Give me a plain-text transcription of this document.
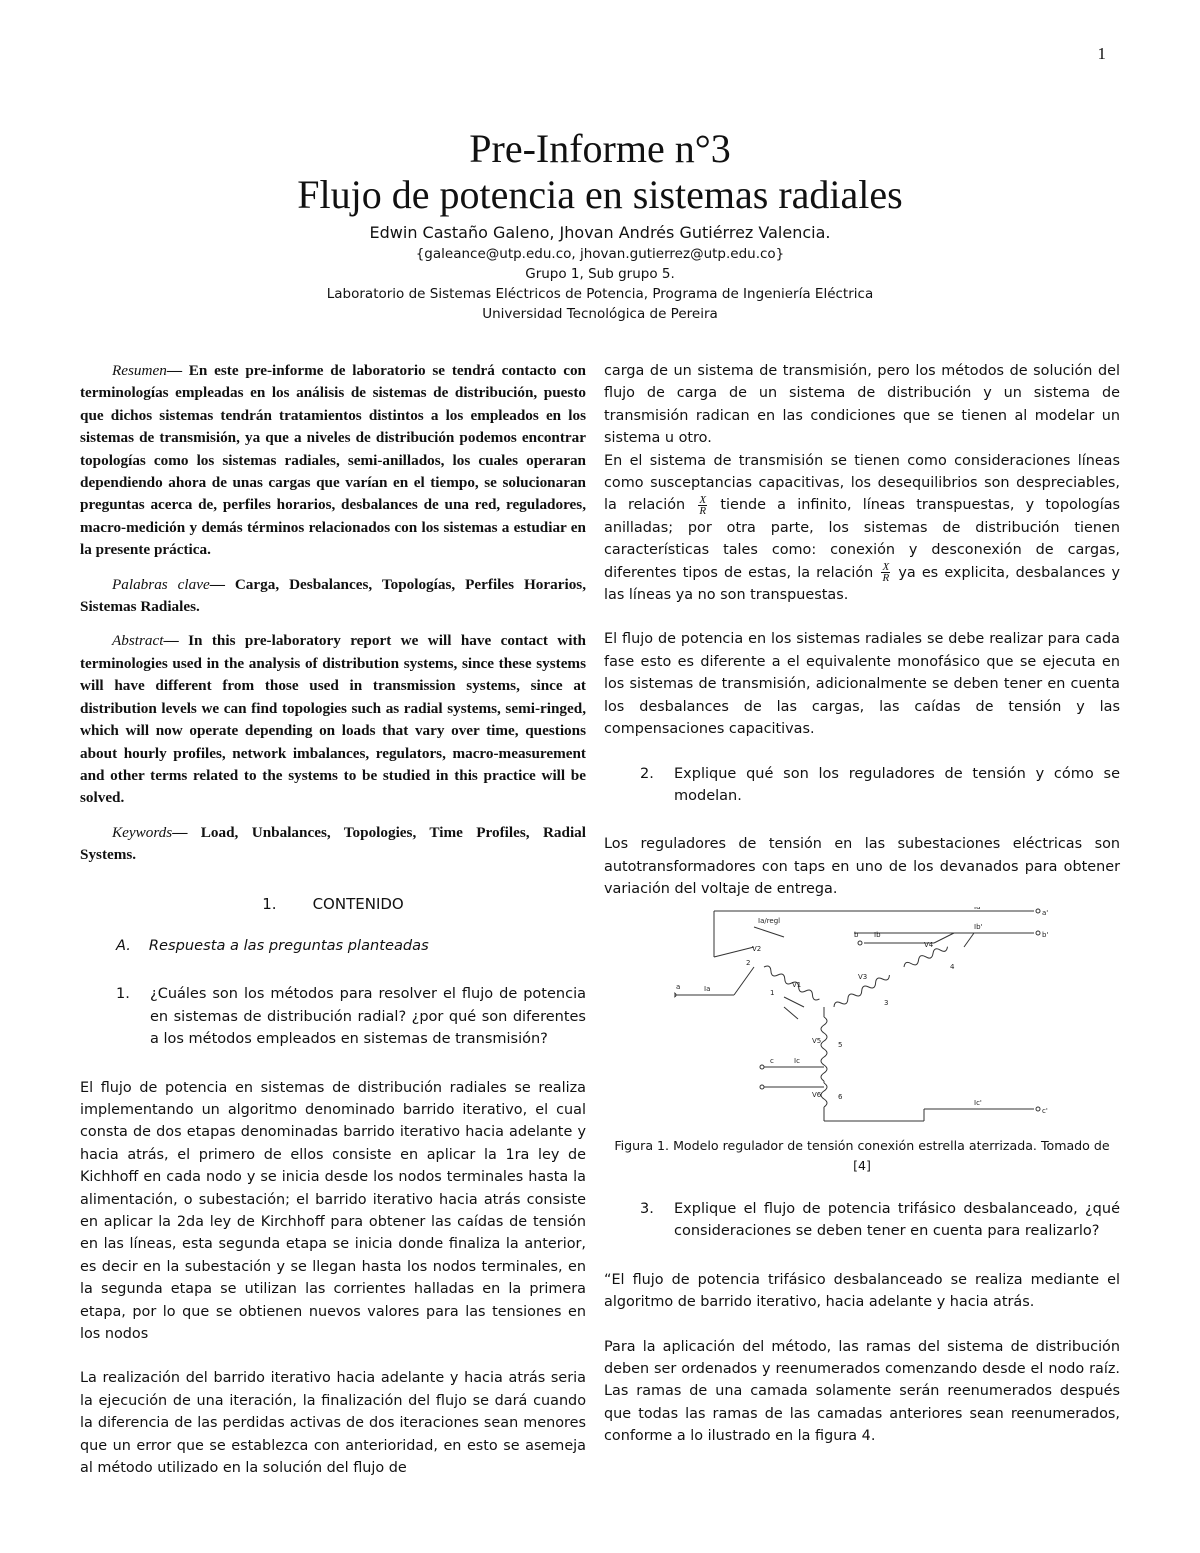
1
Pre-Informe n°3
Flujo de potencia en sistemas radiales
Edwin Castaño Galeno, Jhovan Andrés Gutiérrez Valencia.
{galeance@utp.edu.co, jhovan.gutierrez@utp.edu.co}
Grupo 1, Sub grupo 5.
Laboratorio de Sistemas Eléctricos de Potencia, Programa de Ingeniería Eléctrica
Universidad Tecnológica de Pereira

Resumen— En este pre-informe de laboratorio se tendrá contacto con terminologías empleadas en los análisis de sistemas de distribución, puesto que dichos sistemas tendrán tratamientos distintos a los empleados en los sistemas de transmisión, ya que a niveles de distribución podemos encontrar topologías como los sistemas radiales, semi-anillados, los cuales operaran dependiendo ahora de unas cargas que varían en el tiempo, se solucionaran preguntas acerca de, perfiles horarios, desbalances de una red, reguladores, macro-medición y demás términos relacionados con los sistemas a estudiar en la presente práctica.

Palabras clave— Carga, Desbalances, Topologías, Perfiles Horarios, Sistemas Radiales.

Abstract— In this pre-laboratory report we will have contact with terminologies used in the analysis of distribution systems, since these systems will have different from those used in transmission systems, since at distribution levels we can find topologies such as radial systems, semi-ringed, which will now operate depending on loads that vary over time, questions about hourly profiles, network imbalances, regulators, macro-measurement and other terms related to the systems to be studied in this practice will be solved.

Keywords— Load, Unbalances, Topologies, Time Profiles, Radial Systems.

1. CONTENIDO
A. Respuesta a las preguntas planteadas
1.	¿Cuáles son los métodos para resolver el flujo de potencia en sistemas de distribución radial? ¿por qué son diferentes a los métodos empleados en sistemas de transmisión?

El flujo de potencia en sistemas de distribución radiales se realiza implementando un algoritmo denominado barrido iterativo, el cual consta de dos etapas denominadas barrido iterativo hacia adelante y hacia atrás, el primero de ellos consiste en aplicar la 1ra ley de Kichhoff en cada nodo y se inicia desde los nodos terminales hasta la alimentación, o subestación; el barrido iterativo hacia atrás consiste en aplicar la 2da ley de Kirchhoff para obtener las caídas de tensión en las líneas, esta segunda etapa se inicia donde finaliza la anterior, es decir en la subestación y se llegan hasta los nodos terminales, en la segunda etapa se utilizan las corrientes halladas en la primera etapa, por lo que se obtienen nuevos valores para las tensiones en los nodos

La realización del barrido iterativo hacia adelante y hacia atrás seria la ejecución de una iteración, la finalización del flujo se dará cuando la diferencia de las perdidas activas de dos iteraciones sean menores que un error que se establezca con anterioridad, en esto se asemeja al método utilizado en la solución del flujo de

carga de un sistema de transmisión, pero los métodos de solución del flujo de carga de un sistema de distribución y un sistema de transmisión radican en las condiciones que se tienen al modelar un sistema u otro.

En el sistema de transmisión se tienen como consideraciones líneas como susceptancias capacitivas, los desequilibrios son despreciables, la relación $\frac{X}{R}$ tiende a infinito, líneas transpuestas, y topologías anilladas; por otra parte, los sistemas de distribución tienen características tales como: conexión y desconexión de cargas, diferentes tipos de estas, la relación $\frac{X}{R}$ ya es explicita, desbalances y las líneas ya no son transpuestas.

El flujo de potencia en los sistemas radiales se debe realizar para cada fase esto es diferente a el equivalente monofásico que se ejecuta en los sistemas de transmisión, adicionalmente se deben tener en cuenta los desbalances de las cargas, las caídas de tensión y las compensaciones capacitivas.

2.	Explique qué son los reguladores de tensión y cómo se modelan.

Los reguladores de tensión en las subestaciones eléctricas son autotransformadores con taps en uno de los devanados para obtener variación del voltaje de entrega.

Ia/regl
a	Ia
b Ib
c	Ic
a'
b'
c'
Ia'
Ib'
Ic'
V1
V2
V3
V4
V5
V6
1
2
3
4
5
6
Figura 1. Modelo regulador de tensión conexión estrella aterrizada. Tomado de [4]
3.	Explique el flujo de potencia trifásico desbalanceado, ¿qué consideraciones se deben tener en cuenta para realizarlo?

“El flujo de potencia trifásico desbalanceado se realiza mediante el algoritmo de barrido iterativo, hacia adelante y hacia atrás.

Para la aplicación del método, las ramas del sistema de distribución deben ser ordenados y reenumerados comenzando desde el nodo raíz. Las ramas de una camada solamente serán reenumerados después que todas las ramas de las camadas anteriores sean reenumerados, conforme a lo ilustrado en la figura 4.
